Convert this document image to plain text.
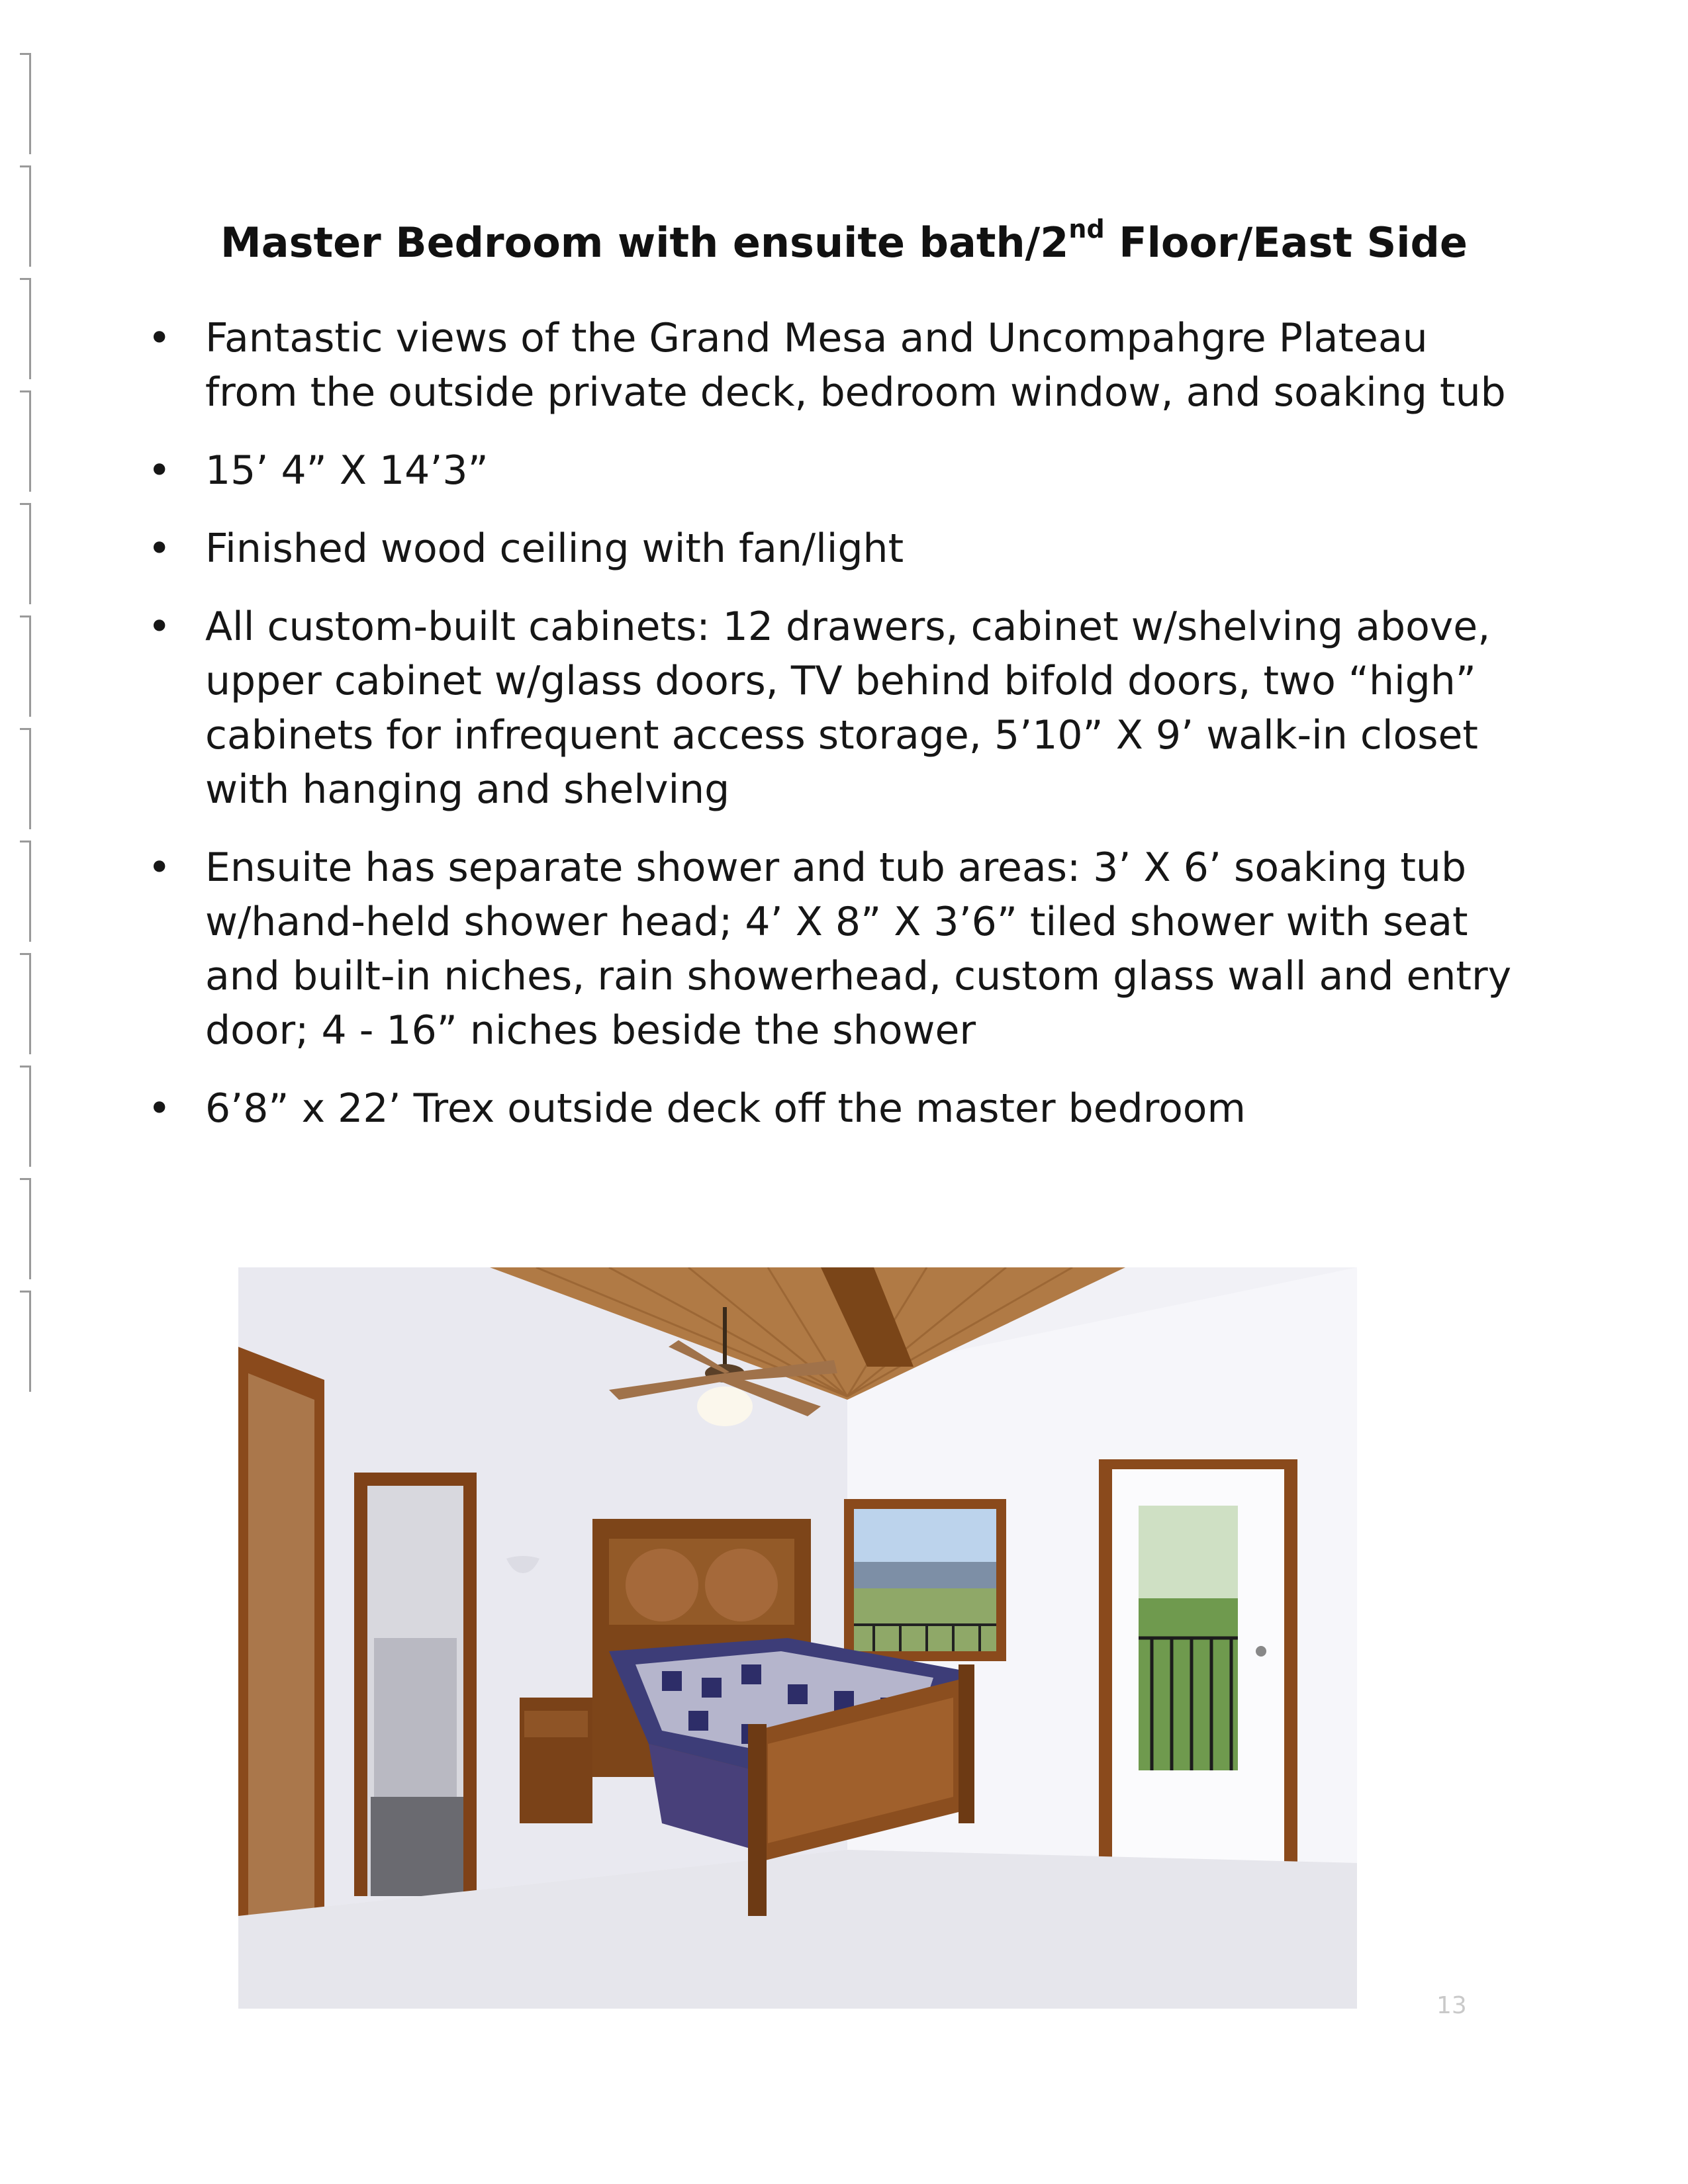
Master Bedroom with ensuite bath/2nd Floor/East Side
• Fantastic views of the Grand Mesa and Uncompahgre Plateau from the outside private deck, bedroom window, and soaking tub
• 15’ 4” X 14’3”
• Finished wood ceiling with fan/light
• All custom-built cabinets: 12 drawers, cabinet w/shelving above, upper cabinet w/glass doors, TV behind bifold doors, two “high” cabinets for infrequent access storage, 5’10” X 9’ walk-in closet with hanging and shelving
• Ensuite has separate shower and tub areas: 3’ X 6’ soaking tub w/hand-held shower head; 4’ X 8” X 3’6” tiled shower with seat and built-in niches, rain showerhead, custom glass wall and entry door; 4 - 16” niches beside the shower
• 6’8” x 22’ Trex outside deck off the master bedroom
13
